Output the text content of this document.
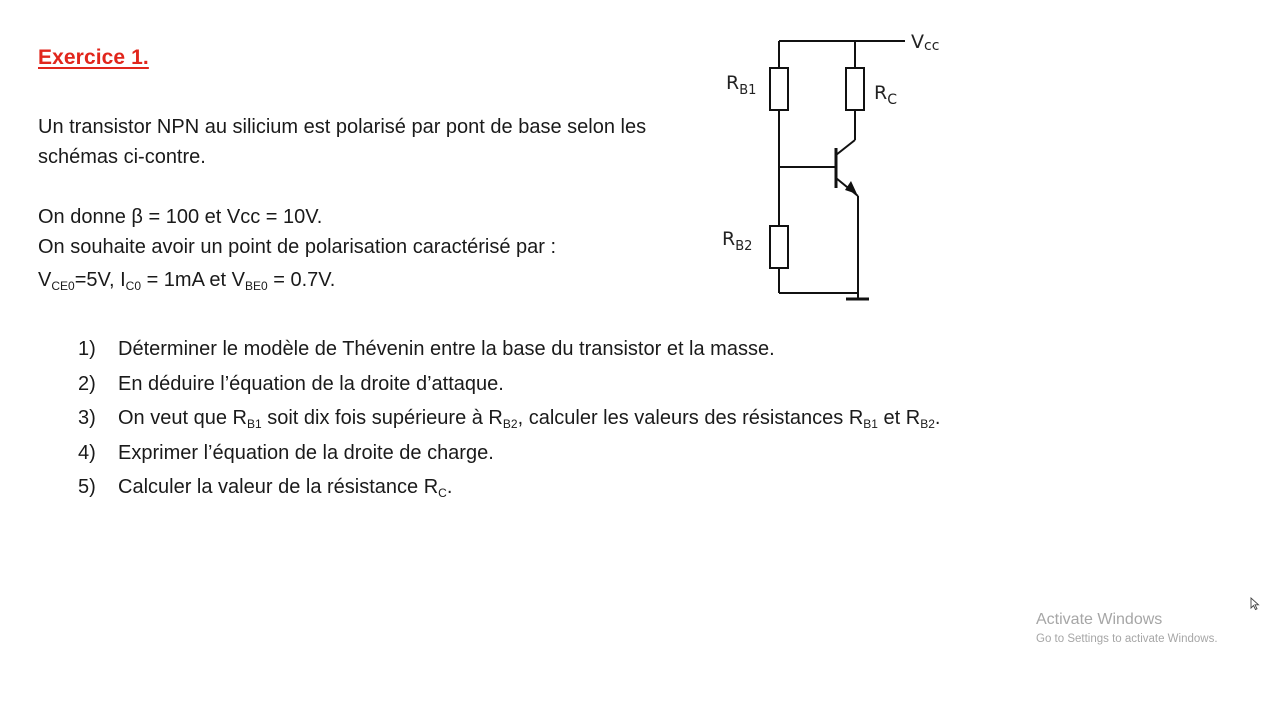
Exercice 1.
Un transistor NPN au silicium est polarisé par pont de base selon les schémas ci-contre.
On donne β = 100 et Vcc = 10V.
On souhaite avoir un point de polarisation caractérisé par :
$V_{CE0}=5V$, $I_{C0} = 1mA$ et $V_{BE0} = 0.7V$.
1) Déterminer le modèle de Thévenin entre la base du transistor et la masse.
2) En déduire l’équation de la droite d’attaque.
3) On veut que $R_{B1}$ soit dix fois supérieure à $R_{B2}$, calculer les valeurs des résistances $R_{B1}$ et $R_{B2}$.
4) Exprimer l’équation de la droite de charge.
5) Calculer la valeur de la résistance $R_C$.
Vcc
$R_{B1}$	$R_C$
$R_{B2}$
Activate Windows
Go to Settings to activate Windows.
